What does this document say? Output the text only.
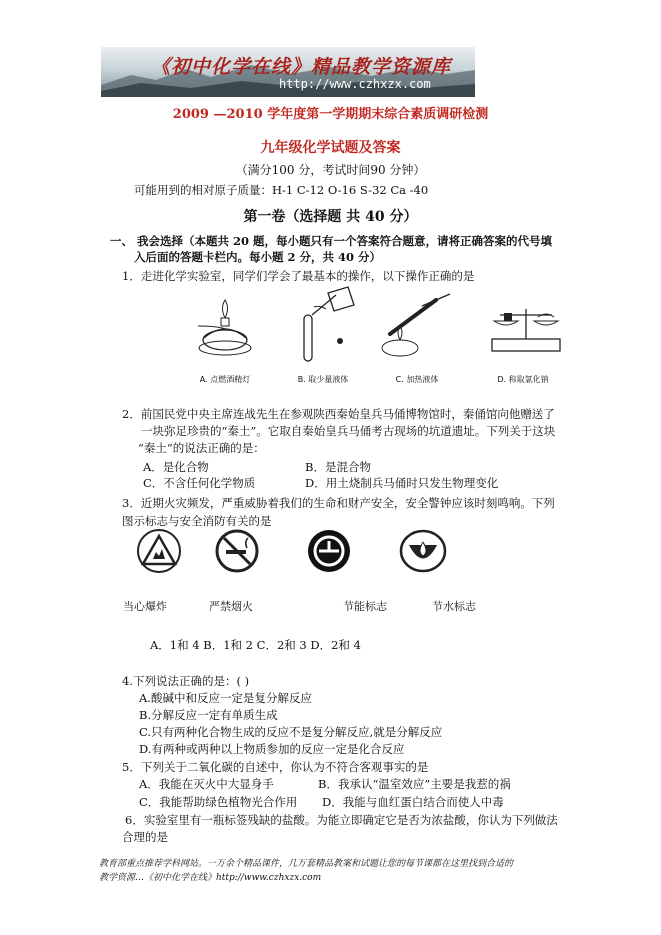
《初中化学在线》精品教学资源库
http://www.czhxzx.com
2009 —2010 学年度第一学期期末综合素质调研检测
九年级化学试题及答案
（满分100 分，考试时间90 分钟）
可能用到的相对原子质量：H-1 C-12 O-16 S-32 Ca -40
第一卷（选择题 共 40 分）
一、 我会选择（本题共 20 题，每小题只有一个答案符合题意，请将正确答案的代号填
入后面的答题卡栏内。每小题 2 分，共 40 分）
1．走进化学实验室，同学们学会了最基本的操作，以下操作正确的是
A. 点燃酒精灯	B. 取少量液体	C. 加热液体	D. 称取氯化钠
2．前国民党中央主席连战先生在参观陕西秦始皇兵马俑博物馆时，秦俑馆向他赠送了
一块弥足珍贵的“秦土”。它取自秦始皇兵马俑考古现场的坑道遗址。下列关于这块
“秦土“的说法正确的是：
A．是化合物	B．是混合物
C．不含任何化学物质	D．用土烧制兵马俑时只发生物理变化
3．近期火灾频发，严重威胁着我们的生命和财产安全，安全警钟应该时刻鸣响。下列
图示标志与安全消防有关的是
当心爆炸	严禁烟火	节能标志	节水标志
A．1和 4 B．1和 2 C．2和 3 D．2和 4
4.下列说法正确的是：( )
A.酸碱中和反应一定是复分解反应
B.分解反应一定有单质生成
C.只有两种化合物生成的反应不是复分解反应,就是分解反应
D.有两种或两种以上物质参加的反应一定是化合反应
5．下列关于二氧化碳的自述中，你认为不符合客观事实的是
A．我能在灭火中大显身手	B．我承认“温室效应”主要是我惹的祸
C．我能帮助绿色植物光合作用 D．我能与血红蛋白结合而使人中毒
6．实验室里有一瓶标签残缺的盐酸。为能立即确定它是否为浓盐酸，你认为下列做法
合理的是
教育部重点推荐学科网站。一万余个精品课件，几万套精品教案和试题让您的每节课都在这里找到合适的
教学资源…《初中化学在线》http://www.czhxzx.com
